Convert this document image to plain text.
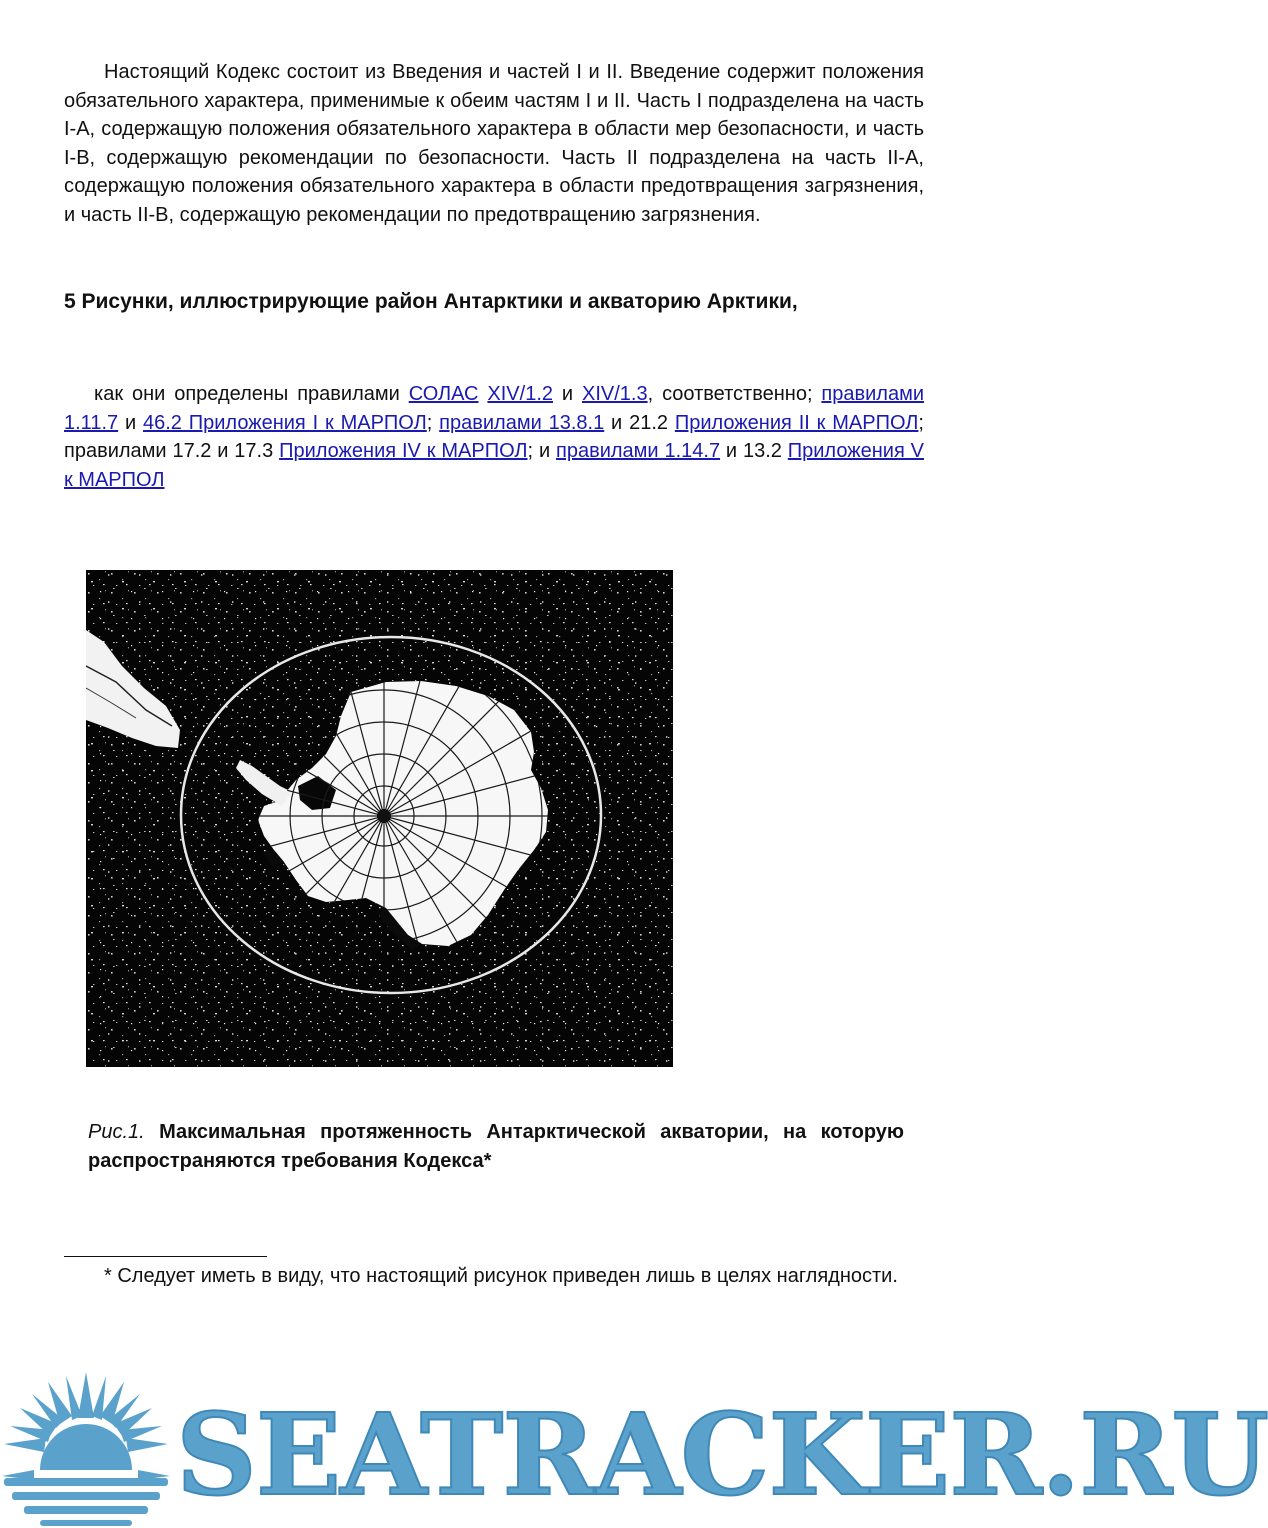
Настоящий Кодекс состоит из Введения и частей I и II. Введение содержит положения обязательного характера, применимые к обеим частям I и II. Часть I подразделена на часть I-A, содержащую положения обязательного характера в области мер безопасности, и часть I-B, содержащую рекомендации по безопасности. Часть II подразделена на часть II-A, содержащую положения обязательного характера в области предотвращения загрязнения, и часть II-B, содержащую рекомендации по предотвращению загрязнения.

5 Рисунки, иллюстрирующие район Антарктики и акваторию Арктики,

как они определены правилами СОЛАС XIV/1.2 и XIV/1.3, соответственно; правилами 1.11.7 и 46.2 Приложения I к МАРПОЛ; правилами 13.8.1 и 21.2 Приложения II к МАРПОЛ; правилами 17.2 и 17.3 Приложения IV к МАРПОЛ; и правилами 1.14.7 и 13.2 Приложения V к МАРПОЛ

Рис.1. Максимальная протяженность Антарктической акватории, на которую распространяются требования Кодекса*

* Следует иметь в виду, что настоящий рисунок приведен лишь в целях наглядности.

SEATRACKER.RU
